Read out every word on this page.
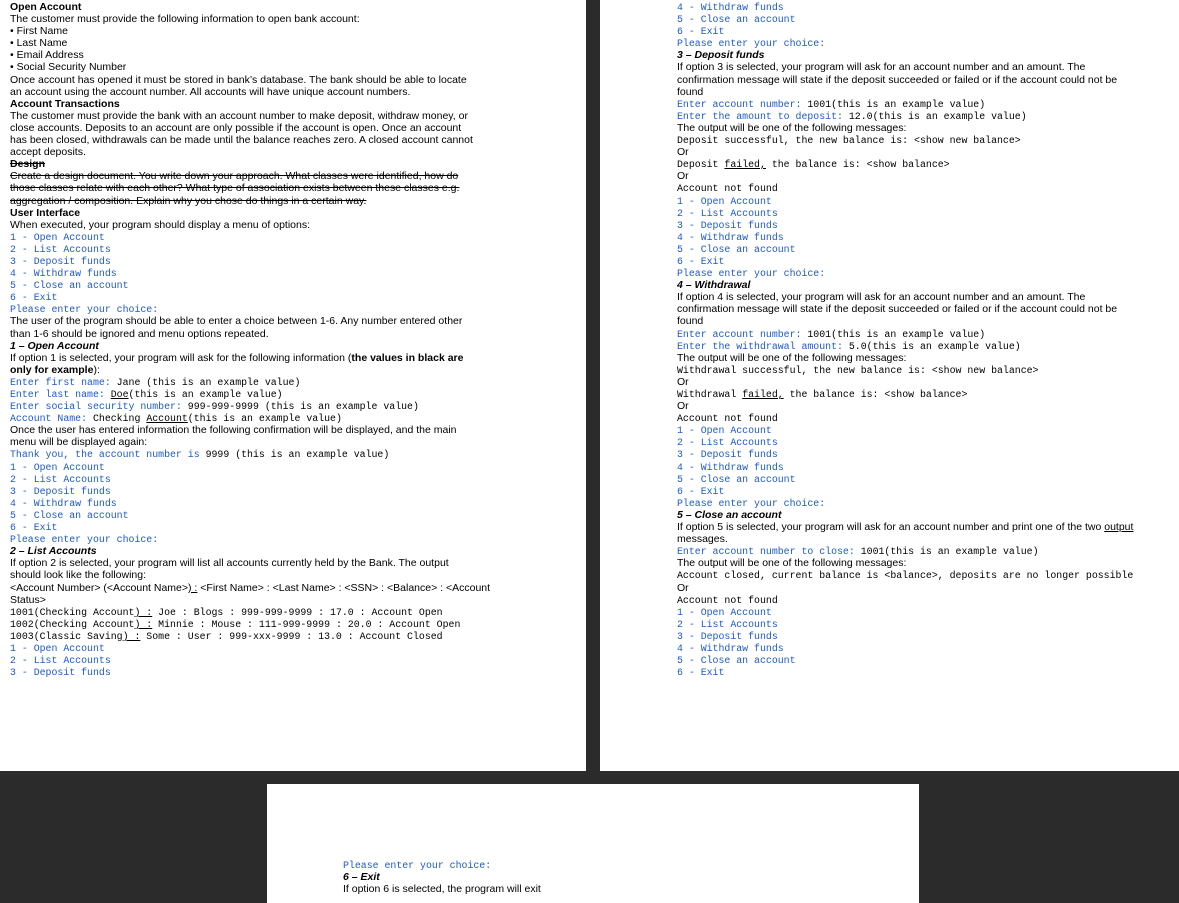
Open Account
The customer must provide the following information to open bank account:
• First Name
• Last Name
• Email Address
• Social Security Number
Once account has opened it must be stored in bank’s database. The bank should be able to locate
an account using the account number. All accounts will have unique account numbers.
Account Transactions
The customer must provide the bank with an account number to make deposit, withdraw money, or
close accounts. Deposits to an account are only possible if the account is open. Once an account
has been closed, withdrawals can be made until the balance reaches zero. A closed account cannot
accept deposits.
Design
Create a design document. You write down your approach. What classes were identified, how do
those classes relate with each other? What type of association exists between these classes e.g.
aggregation / composition. Explain why you chose do things in a certain way.
User Interface
When executed, your program should display a menu of options:
1 - Open Account
2 - List Accounts
3 - Deposit funds
4 - Withdraw funds
5 - Close an account
6 - Exit
Please enter your choice:
The user of the program should be able to enter a choice between 1-6. Any number entered other
than 1-6 should be ignored and menu options repeated.
1 – Open Account
If option 1 is selected, your program will ask for the following information (the values in black are
only for example):
Enter first name: Jane (this is an example value)
Enter last name: Doe(this is an example value)
Enter social security number: 999-999-9999 (this is an example value)
Account Name: Checking Account(this is an example value)
Once the user has entered information the following confirmation will be displayed, and the main
menu will be displayed again:
Thank you, the account number is 9999 (this is an example value)
1 - Open Account
2 - List Accounts
3 - Deposit funds
4 - Withdraw funds
5 - Close an account
6 - Exit
Please enter your choice:
2 – List Accounts
If option 2 is selected, your program will list all accounts currently held by the Bank. The output
should look like the following:
<Account Number> (<Account Name>) : <First Name> : <Last Name> : <SSN> : <Balance> : <Account
Status>
1001(Checking Account) : Joe : Blogs : 999-999-9999 : 17.0 : Account Open
1002(Checking Account) : Minnie : Mouse : 111-999-9999 : 20.0 : Account Open
1003(Classic Saving) : Some : User : 999-xxx-9999 : 13.0 : Account Closed
1 - Open Account
2 - List Accounts
3 - Deposit funds
4 - Withdraw funds
5 - Close an account
6 - Exit
Please enter your choice:
3 – Deposit funds
If option 3 is selected, your program will ask for an account number and an amount. The
confirmation message will state if the deposit succeeded or failed or if the account could not be
found
Enter account number: 1001(this is an example value)
Enter the amount to deposit: 12.0(this is an example value)
The output will be one of the following messages:
Deposit successful, the new balance is: <show new balance>
Or
Deposit failed, the balance is: <show balance>
Or
Account not found
1 - Open Account
2 - List Accounts
3 - Deposit funds
4 - Withdraw funds
5 - Close an account
6 - Exit
Please enter your choice:
4 – Withdrawal
If option 4 is selected, your program will ask for an account number and an amount. The
confirmation message will state if the deposit succeeded or failed or if the account could not be
found
Enter account number: 1001(this is an example value)
Enter the withdrawal amount: 5.0(this is an example value)
The output will be one of the following messages:
Withdrawal successful, the new balance is: <show new balance>
Or
Withdrawal failed, the balance is: <show balance>
Or
Account not found
1 - Open Account
2 - List Accounts
3 - Deposit funds
4 - Withdraw funds
5 - Close an account
6 - Exit
Please enter your choice:
5 – Close an account
If option 5 is selected, your program will ask for an account number and print one of the two output
messages.
Enter account number to close: 1001(this is an example value)
The output will be one of the following messages:
Account closed, current balance is <balance>, deposits are no longer possible
Or
Account not found
1 - Open Account
2 - List Accounts
3 - Deposit funds
4 - Withdraw funds
5 - Close an account
6 - Exit
Please enter your choice:
6 – Exit
If option 6 is selected, the program will exit
